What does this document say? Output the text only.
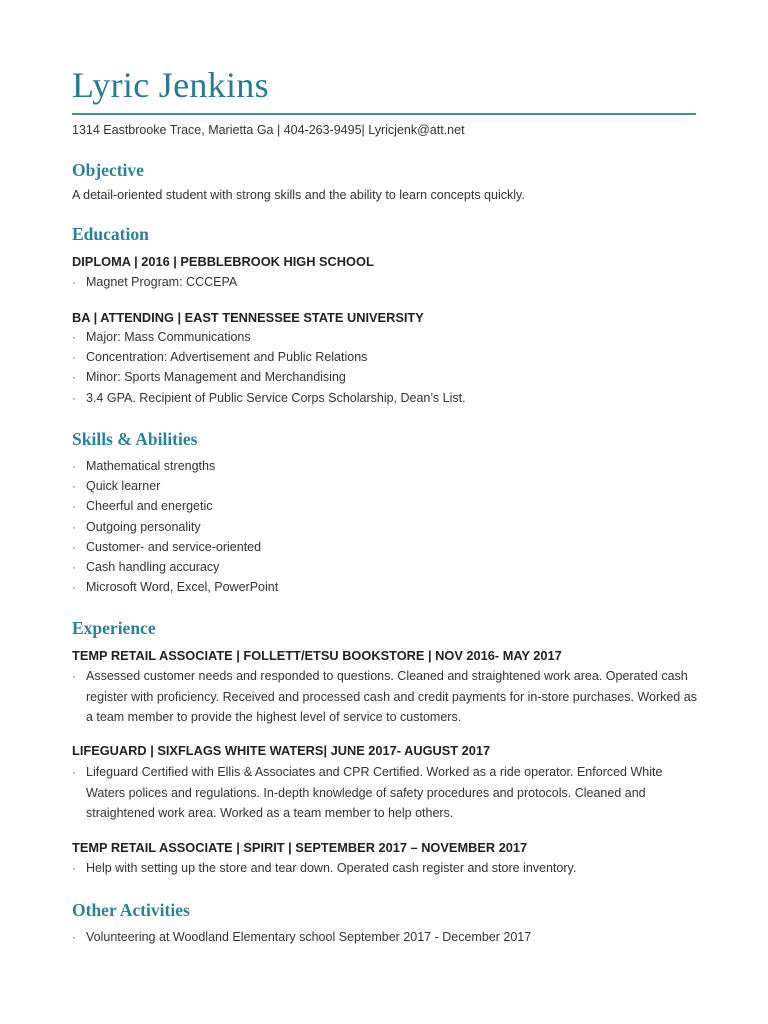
Lyric Jenkins
1314 Eastbrooke Trace, Marietta Ga | 404-263-9495| Lyricjenk@att.net
Objective
A detail-oriented student with strong skills and the ability to learn concepts quickly.
Education
DIPLOMA | 2016 | PEBBLEBROOK HIGH SCHOOL
· Magnet Program: CCCEPA
BA | ATTENDING | EAST TENNESSEE STATE UNIVERSITY
· Major: Mass Communications
· Concentration: Advertisement and Public Relations
· Minor: Sports Management and Merchandising
· 3.4 GPA. Recipient of Public Service Corps Scholarship, Dean’s List.
Skills & Abilities
· Mathematical strengths
· Quick learner
· Cheerful and energetic
· Outgoing personality
· Customer- and service-oriented
· Cash handling accuracy
· Microsoft Word, Excel, PowerPoint
Experience
TEMP RETAIL ASSOCIATE | FOLLETT/ETSU BOOKSTORE | NOV 2016- MAY 2017
· Assessed customer needs and responded to questions. Cleaned and straightened work area. Operated cash register with proficiency. Received and processed cash and credit payments for in-store purchases. Worked as a team member to provide the highest level of service to customers.
LIFEGUARD | SIXFLAGS WHITE WATERS| JUNE 2017- AUGUST 2017
· Lifeguard Certified with Ellis & Associates and CPR Certified. Worked as a ride operator. Enforced White Waters polices and regulations. In-depth knowledge of safety procedures and protocols. Cleaned and straightened work area. Worked as a team member to help others.
TEMP RETAIL ASSOCIATE | SPIRIT | SEPTEMBER 2017 – NOVEMBER 2017
· Help with setting up the store and tear down. Operated cash register and store inventory.
Other Activities
· Volunteering at Woodland Elementary school September 2017 - December 2017
